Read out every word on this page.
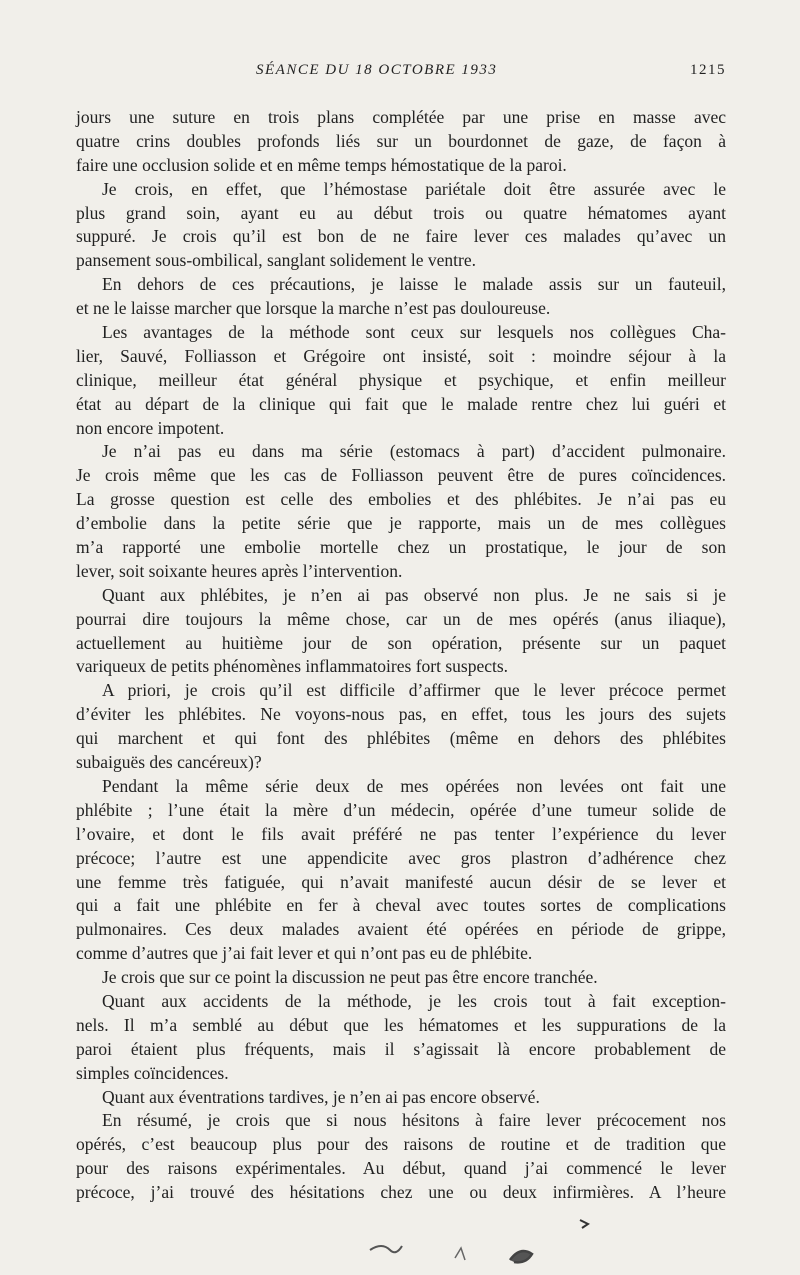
SÉANCE DU 18 OCTOBRE 1933	1215
jours une suture en trois plans complétée par une prise en masse avec
quatre crins doubles profonds liés sur un bourdonnet de gaze, de façon à
faire une occlusion solide et en même temps hémostatique de la paroi.
Je crois, en effet, que l’hémostase pariétale doit être assurée avec le
plus grand soin, ayant eu au début trois ou quatre hématomes ayant
suppuré. Je crois qu’il est bon de ne faire lever ces malades qu’avec un
pansement sous-ombilical, sanglant solidement le ventre.
En dehors de ces précautions, je laisse le malade assis sur un fauteuil,
et ne le laisse marcher que lorsque la marche n’est pas douloureuse.
Les avantages de la méthode sont ceux sur lesquels nos collègues Cha-
lier, Sauvé, Folliasson et Grégoire ont insisté, soit : moindre séjour à la
clinique, meilleur état général physique et psychique, et enfin meilleur
état au départ de la clinique qui fait que le malade rentre chez lui guéri et
non encore impotent.
Je n’ai pas eu dans ma série (estomacs à part) d’accident pulmonaire.
Je crois même que les cas de Folliasson peuvent être de pures coïncidences.
La grosse question est celle des embolies et des phlébites. Je n’ai pas eu
d’embolie dans la petite série que je rapporte, mais un de mes collègues
m’a rapporté une embolie mortelle chez un prostatique, le jour de son
lever, soit soixante heures après l’intervention.
Quant aux phlébites, je n’en ai pas observé non plus. Je ne sais si je
pourrai dire toujours la même chose, car un de mes opérés (anus iliaque),
actuellement au huitième jour de son opération, présente sur un paquet
variqueux de petits phénomènes inflammatoires fort suspects.
A priori, je crois qu’il est difficile d’affirmer que le lever précoce permet
d’éviter les phlébites. Ne voyons-nous pas, en effet, tous les jours des sujets
qui marchent et qui font des phlébites (même en dehors des phlébites
subaiguës des cancéreux)?
Pendant la même série deux de mes opérées non levées ont fait une
phlébite ; l’une était la mère d’un médecin, opérée d’une tumeur solide de
l’ovaire, et dont le fils avait préféré ne pas tenter l’expérience du lever
précoce; l’autre est une appendicite avec gros plastron d’adhérence chez
une femme très fatiguée, qui n’avait manifesté aucun désir de se lever et
qui a fait une phlébite en fer à cheval avec toutes sortes de complications
pulmonaires. Ces deux malades avaient été opérées en période de grippe,
comme d’autres que j’ai fait lever et qui n’ont pas eu de phlébite.
Je crois que sur ce point la discussion ne peut pas être encore tranchée.
Quant aux accidents de la méthode, je les crois tout à fait exception-
nels. Il m’a semblé au début que les hématomes et les suppurations de la
paroi étaient plus fréquents, mais il s’agissait là encore probablement de
simples coïncidences.
Quant aux éventrations tardives, je n’en ai pas encore observé.
En résumé, je crois que si nous hésitons à faire lever précocement nos
opérés, c’est beaucoup plus pour des raisons de routine et de tradition que
pour des raisons expérimentales. Au début, quand j’ai commencé le lever
précoce, j’ai trouvé des hésitations chez une ou deux infirmières. A l’heure
